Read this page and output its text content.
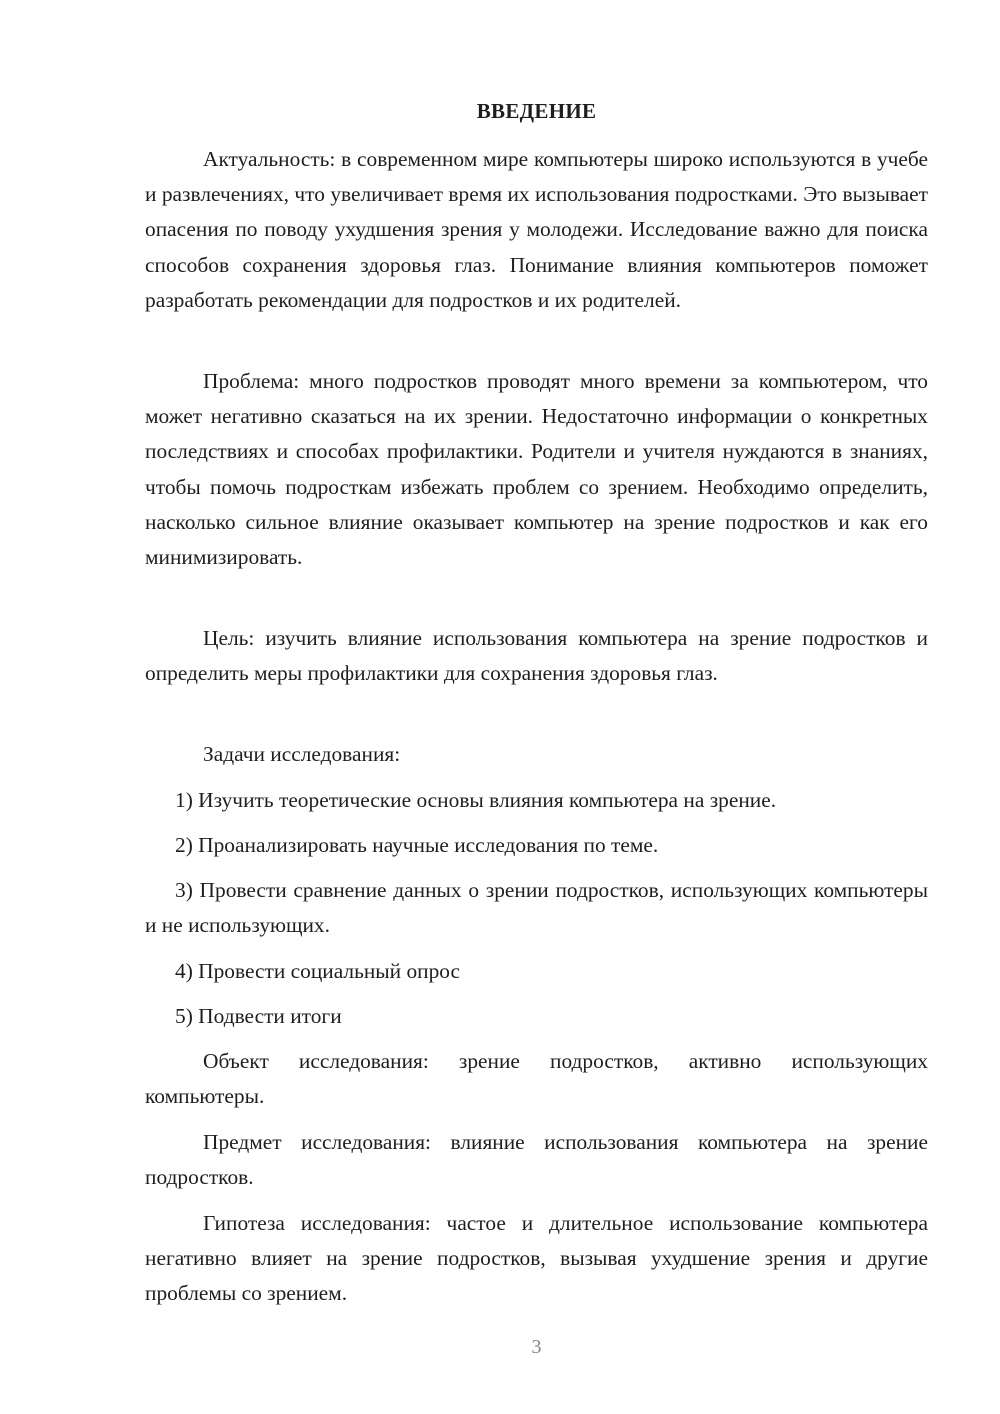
ВВЕДЕНИЕ

Актуальность: в современном мире компьютеры широко используются в учебе и развлечениях, что увеличивает время их использования подростками. Это вызывает опасения по поводу ухудшения зрения у молодежи. Исследование важно для поиска способов сохранения здоровья глаз. Понимание влияния компьютеров поможет разработать рекомендации для подростков и их родителей.

Проблема: много подростков проводят много времени за компьютером, что может негативно сказаться на их зрении. Недостаточно информации о конкретных последствиях и способах профилактики. Родители и учителя нуждаются в знаниях, чтобы помочь подросткам избежать проблем со зрением. Необходимо определить, насколько сильное влияние оказывает компьютер на зрение подростков и как его минимизировать.

Цель: изучить влияние использования компьютера на зрение подростков и определить меры профилактики для сохранения здоровья глаз.

Задачи исследования:

1) Изучить теоретические основы влияния компьютера на зрение.

2) Проанализировать научные исследования по теме.

3) Провести сравнение данных о зрении подростков, использующих компьютеры и не использующих.

4) Провести социальный опрос

5) Подвести итоги

Объект исследования: зрение подростков, активно использующих компьютеры.

Предмет исследования: влияние использования компьютера на зрение подростков.

Гипотеза исследования: частое и длительное использование компьютера негативно влияет на зрение подростков, вызывая ухудшение зрения и другие проблемы со зрением.

3
